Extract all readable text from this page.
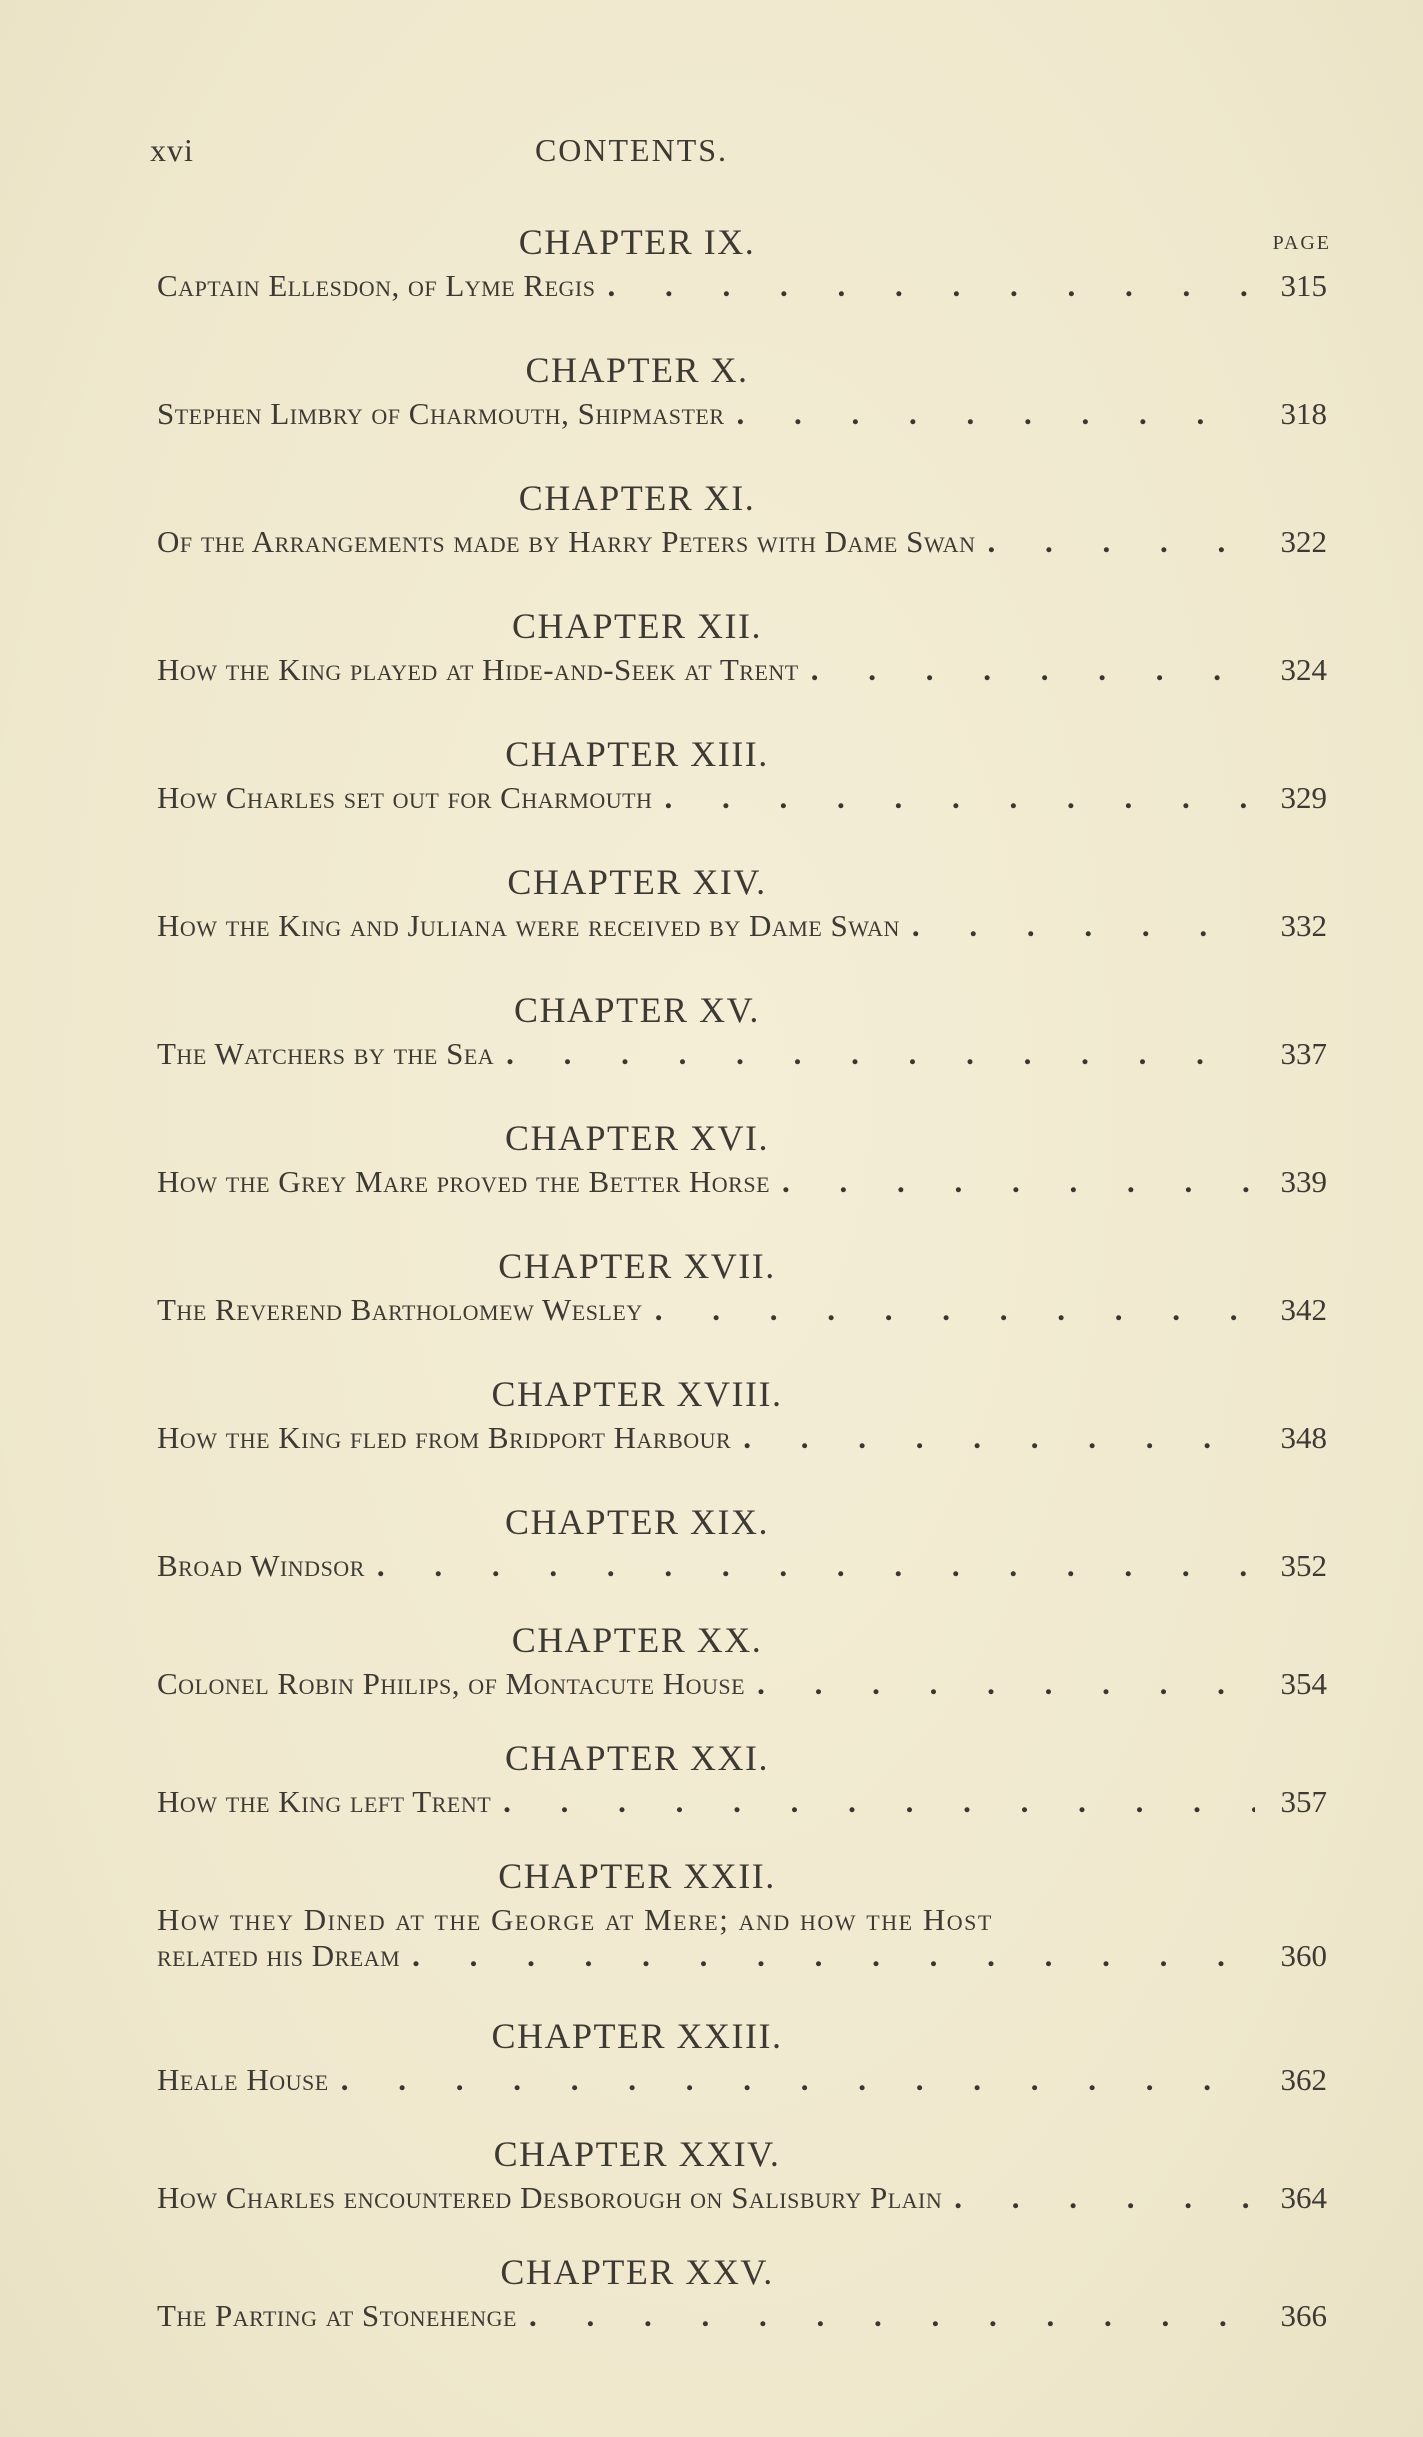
xvi	CONTENTS.
PAGE
CHAPTER IX.
Captain Ellesdon, of Lyme Regis . . .	315
CHAPTER X.
Stephen Limbry of Charmouth, Shipmaster . . .	318
CHAPTER XI.
Of the Arrangements made by Harry Peters with Dame Swan . . .	322
CHAPTER XII.
How the King played at Hide-and-Seek at Trent . . .	324
CHAPTER XIII.
How Charles set out for Charmouth . . .	329
CHAPTER XIV.
How the King and Juliana were received by Dame Swan . . .	332
CHAPTER XV.
The Watchers by the Sea . . .	337
CHAPTER XVI.
How the Grey Mare proved the Better Horse . . .	339
CHAPTER XVII.
The Reverend Bartholomew Wesley . . .	342
CHAPTER XVIII.
How the King fled from Bridport Harbour . . .	348
CHAPTER XIX.
Broad Windsor . . .	352
CHAPTER XX.
Colonel Robin Philips, of Montacute House . . .	354
CHAPTER XXI.
How the King left Trent . . .	357
CHAPTER XXII.
How they Dined at the George at Mere; and how the Host
related his Dream . . .	360
CHAPTER XXIII.
Heale House . . .	362
CHAPTER XXIV.
How Charles encountered Desborough on Salisbury Plain . . .	364
CHAPTER XXV.
The Parting at Stonehenge . . .	366
